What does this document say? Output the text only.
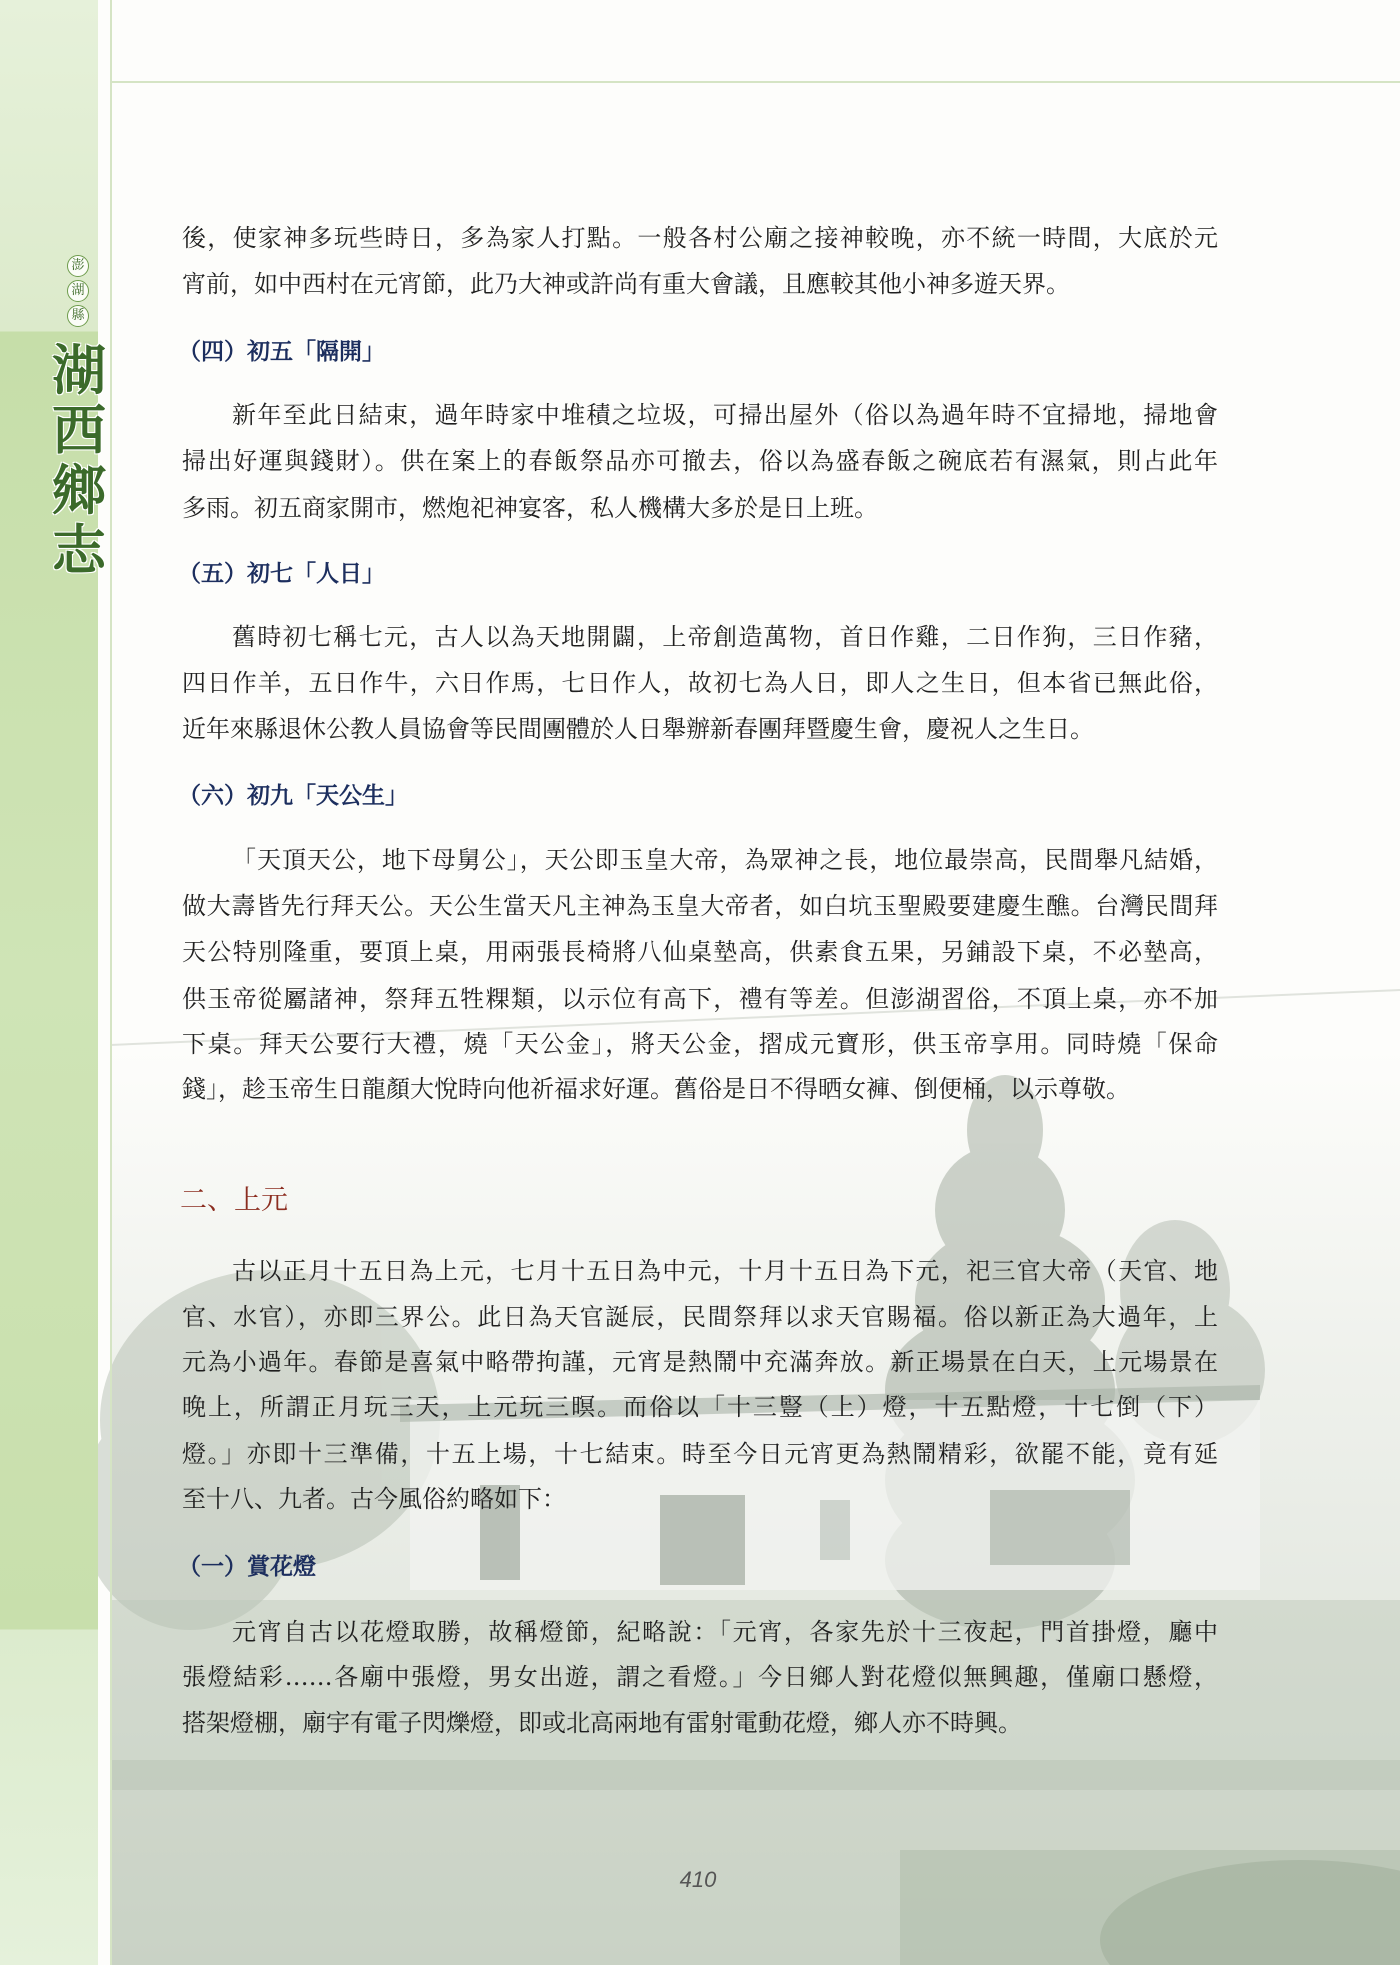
澎
湖
縣
湖
西
鄉
志
後，使家神多玩些時日，多為家人打點。一般各村公廟之接神較晚，亦不統一時間，大底於元
宵前，如中西村在元宵節，此乃大神或許尚有重大會議，且應較其他小神多遊天界。
（四）初五「隔開」
新年至此日結束，過年時家中堆積之垃圾，可掃出屋外（俗以為過年時不宜掃地，掃地會
掃出好運與錢財）。供在案上的春飯祭品亦可撤去，俗以為盛春飯之碗底若有濕氣，則占此年
多雨。初五商家開市，燃炮祀神宴客，私人機構大多於是日上班。
（五）初七「人日」
舊時初七稱七元，古人以為天地開闢，上帝創造萬物，首日作雞，二日作狗，三日作豬，
四日作羊，五日作牛，六日作馬，七日作人，故初七為人日，即人之生日，但本省已無此俗，
近年來縣退休公教人員協會等民間團體於人日舉辦新春團拜暨慶生會，慶祝人之生日。
（六）初九「天公生」
「天頂天公，地下母舅公」，天公即玉皇大帝，為眾神之長，地位最崇高，民間舉凡結婚，
做大壽皆先行拜天公。天公生當天凡主神為玉皇大帝者，如白坑玉聖殿要建慶生醮。台灣民間拜
天公特別隆重，要頂上桌，用兩張長椅將八仙桌墊高，供素食五果，另鋪設下桌，不必墊高，
供玉帝從屬諸神，祭拜五牲粿類，以示位有高下，禮有等差。但澎湖習俗，不頂上桌，亦不加
下桌。拜天公要行大禮，燒「天公金」，將天公金，摺成元寶形，供玉帝享用。同時燒「保命
錢」，趁玉帝生日龍顏大悅時向他祈福求好運。舊俗是日不得晒女褲、倒便桶，以示尊敬。
二、上元
古以正月十五日為上元，七月十五日為中元，十月十五日為下元，祀三官大帝（天官、地
官、水官），亦即三界公。此日為天官誕辰，民間祭拜以求天官賜福。俗以新正為大過年，上
元為小過年。春節是喜氣中略帶拘謹，元宵是熱鬧中充滿奔放。新正場景在白天，上元場景在
晚上，所謂正月玩三天，上元玩三暝。而俗以「十三豎（上）燈，十五點燈，十七倒（下）
燈。」亦即十三準備，十五上場，十七結束。時至今日元宵更為熱鬧精彩，欲罷不能，竟有延
至十八、九者。古今風俗約略如下：
（一）賞花燈
元宵自古以花燈取勝，故稱燈節，紀略說：「元宵，各家先於十三夜起，門首掛燈，廳中
張燈結彩……各廟中張燈，男女出遊，謂之看燈。」今日鄉人對花燈似無興趣，僅廟口懸燈，
搭架燈棚，廟宇有電子閃爍燈，即或北高兩地有雷射電動花燈，鄉人亦不時興。
410
